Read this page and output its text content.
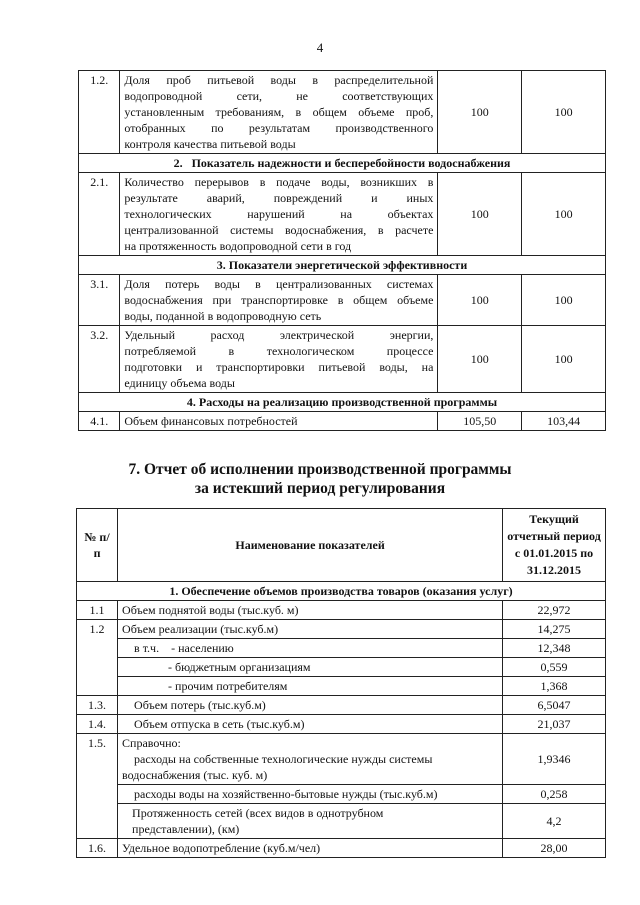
4
1.2.	Доля проб питьевой воды в распределительной
водопроводной сети, не соответствующих
установленным требованиям, в общем объеме проб,
отобранных по результатам производственного
контроля качества питьевой воды	100	100
2.   Показатель надежности и бесперебойности водоснабжения			
2.1.	Количество перерывов в подаче воды, возникших в
результате аварий, повреждений и иных
технологических нарушений на объектах
централизованной системы водоснабжения, в расчете
на протяженность водопроводной сети в год	100	100
3. Показатели энергетической эффективности			
3.1.	Доля потерь воды в централизованных системах
водоснабжения при транспортировке в общем объеме
воды, поданной в водопроводную сеть	100	100
3.2.	Удельный расход электрической энергии,
потребляемой в технологическом процессе
подготовки и транспортировки питьевой воды, на
единицу объема воды	100	100
4. Расходы на реализацию производственной программы			
4.1.	Объем финансовых потребностей	105,50	103,44
7. Отчет об исполнении производственной программы
за истекший период регулирования
№ п/п	Наименование показателей	Текущий
отчетный период
с 01.01.2015 по
31.12.2015

1. Обеспечение объемов производства товаров (оказания услуг)		
1.1	Объем поднятой воды (тыс.куб. м)	22,972
1.2	Объем реализации (тыс.куб.м)	14,275
	в т.ч.    - населению	12,348
	- бюджетным организациям	0,559
	- прочим потребителям	1,368
1.3.	Объем потерь (тыс.куб.м)	6,5047
1.4.	Объем отпуска в сеть (тыс.куб.м)	21,037
1.5.	Справочно:
расходы на собственные технологические нужды системы
водоснабжения (тыс. куб. м)	1,9346
	расходы воды на хозяйственно-бытовые нужды (тыс.куб.м)	0,258

	Протяженность сетей (всех видов в однотрубном
представлении), (км)	4,2
1.6.	Удельное водопотребление (куб.м/чел)	28,00
